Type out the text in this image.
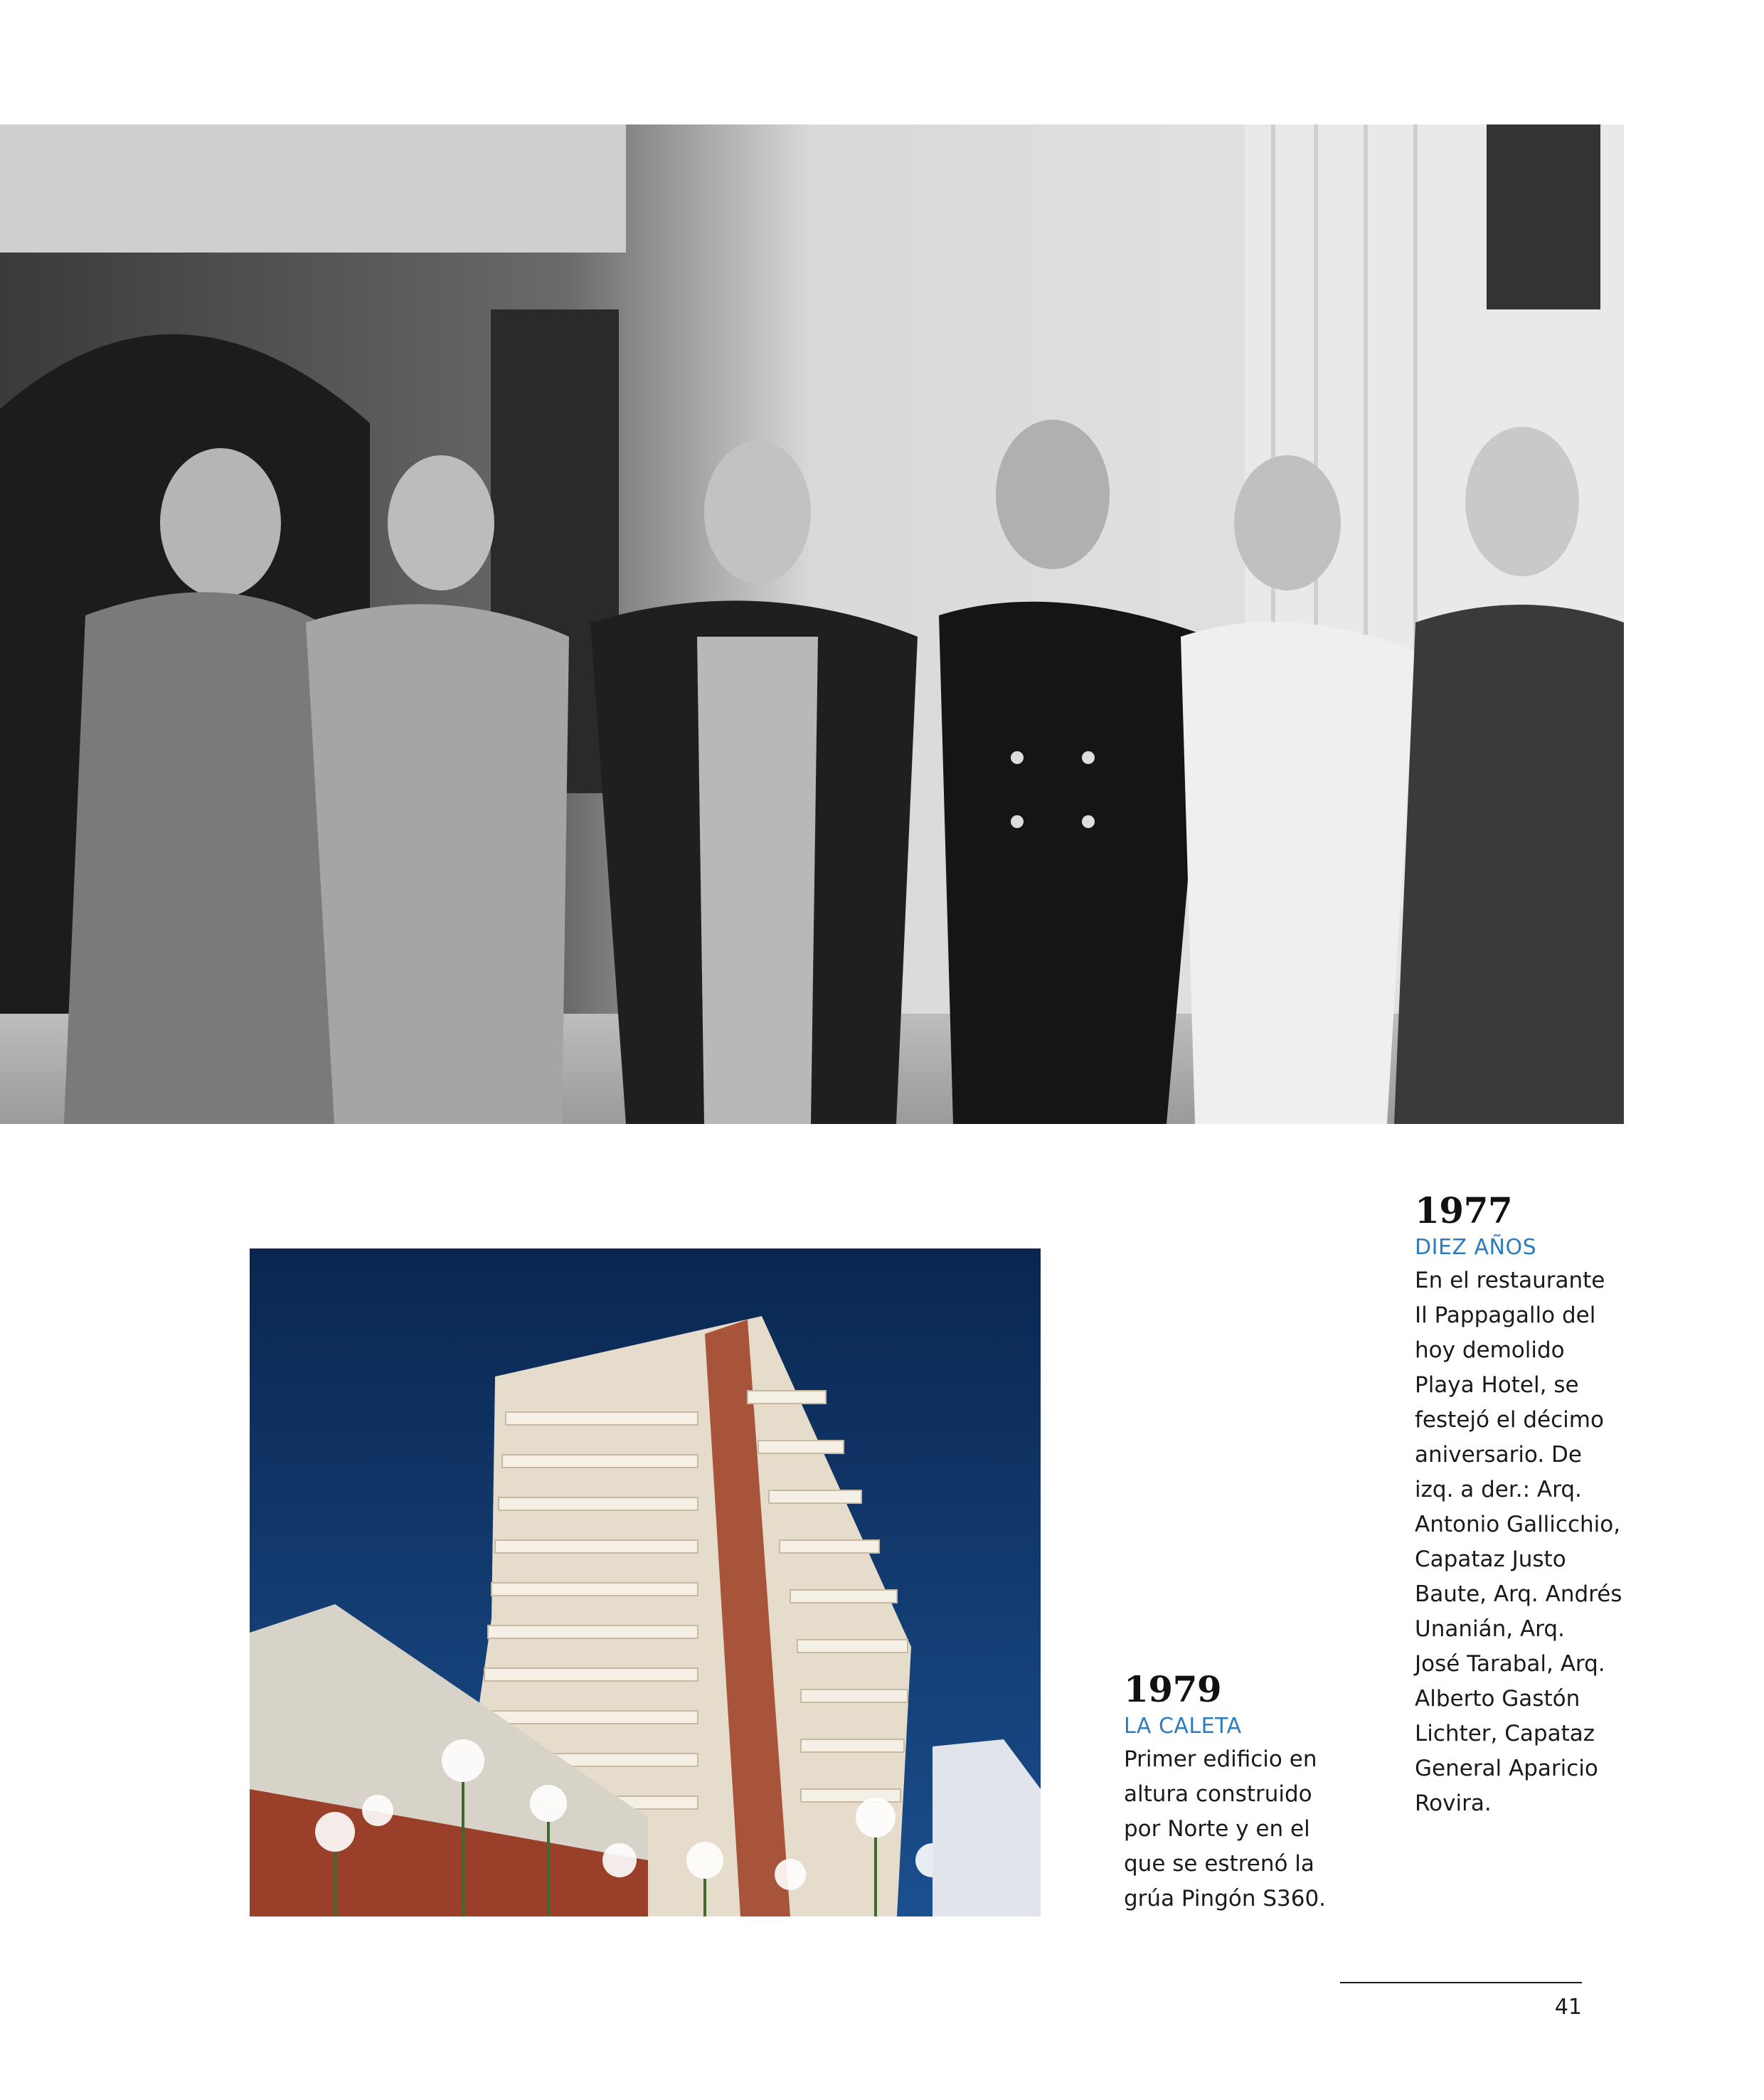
1977

DIEZ AÑOS

En el restaurante
Il Pappagallo del
hoy demolido
Playa Hotel, se
festejó el décimo
aniversario. De
izq. a der.: Arq.
Antonio Gallicchio,
Capataz Justo
Baute, Arq. Andrés
Unanián, Arq.
José Tarabal, Arq.
Alberto Gastón
Lichter, Capataz
General Aparicio
Rovira.

1979

LA CALETA

Primer edificio en
altura construido
por Norte y en el
que se estrenó la
grúa Pingón S360.

41
